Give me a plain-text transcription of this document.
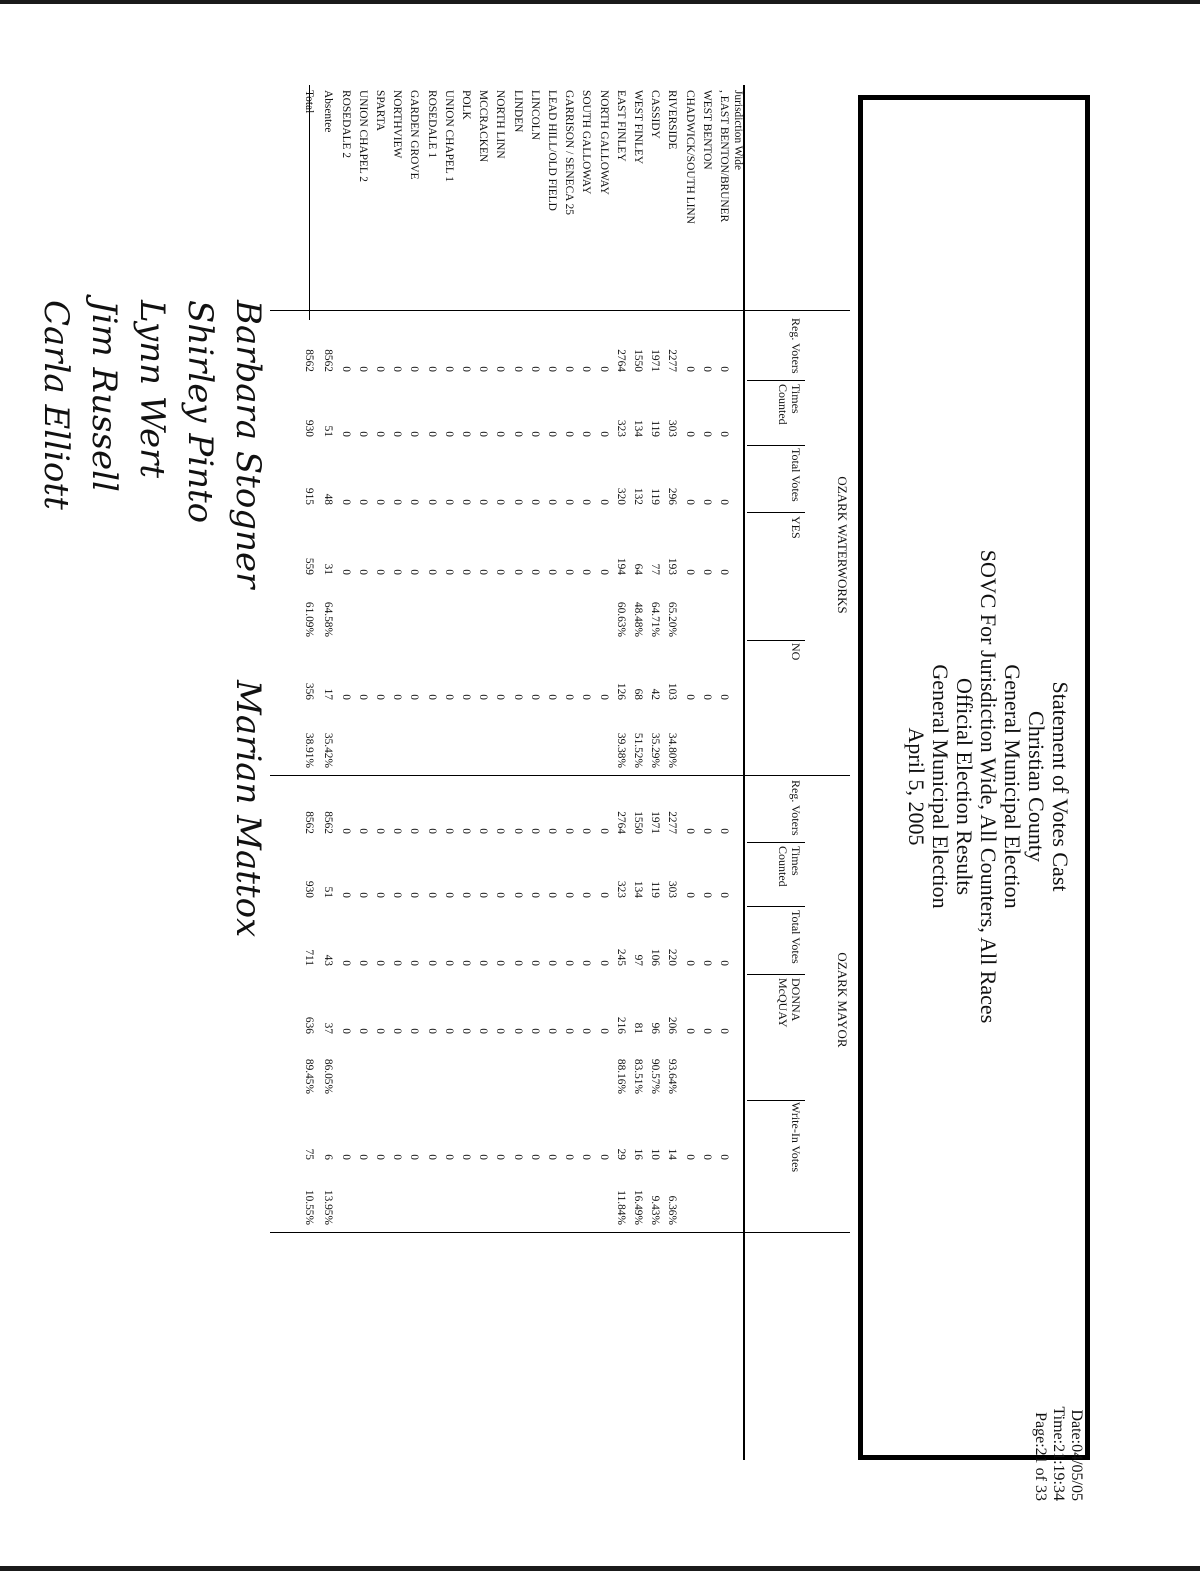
Statement of Votes Cast
Christian County
General Municipal Election
SOVC For Jurisdiction Wide, All Counters, All Races
Official Election Results
General Municipal Election
April 5, 2005
Date:04/05/05
Time:21:19:34
Page:21 of 33
OZARK WATERWORKS
OZARK MAYOR
Reg. Voters
Times Counted
Total Votes
YES
NO
Reg. Voters
Times Counted
Total Votes
DONNA McQUAY
Write-In Votes
Jurisdiction Wide
, EAST BENTON/BRUNER
0
0
0
0
0
0
0
0
0
0
WEST BENTON
0
0
0
0
0
0
0
0
0
0
CHADWICK/SOUTH LINN
0
0
0
0
0
0
0
0
0
0
RIVERSIDE
2277
303
296
193
65.20%
103
34.80%
2277
303
220
206
93.64%
14
6.36%
CASSIDY
1971
119
119
77
64.71%
42
35.29%
1971
119
106
96
90.57%
10
9.43%
WEST FINLEY
1550
134
132
64
48.48%
68
51.52%
1550
134
97
81
83.51%
16
16.49%
EAST FINLEY
2764
323
320
194
60.63%
126
39.38%
2764
323
245
216
88.16%
29
11.84%
NORTH GALLOWAY
0
0
0
0
0
0
0
0
0
0
SOUTH GALLOWAY
0
0
0
0
0
0
0
0
0
0
GARRISON / SENECA 25
0
0
0
0
0
0
0
0
0
0
LEAD HILL/OLD FIELD
0
0
0
0
0
0
0
0
0
0
LINCOLN
0
0
0
0
0
0
0
0
0
0
LINDEN
0
0
0
0
0
0
0
0
0
0
NORTH LINN
0
0
0
0
0
0
0
0
0
0
MCCRACKEN
0
0
0
0
0
0
0
0
0
0
POLK
0
0
0
0
0
0
0
0
0
0
UNION CHAPEL 1
0
0
0
0
0
0
0
0
0
0
ROSEDALE 1
0
0
0
0
0
0
0
0
0
0
GARDEN GROVE
0
0
0
0
0
0
0
0
0
0
NORTHVIEW
0
0
0
0
0
0
0
0
0
0
SPARTA
0
0
0
0
0
0
0
0
0
0
UNION CHAPEL 2
0
0
0
0
0
0
0
0
0
0
ROSEDALE 2
0
0
0
0
0
0
0
0
0
0
Absentee
8562
51
48
31
64.58%
17
35.42%
8562
51
43
37
86.05%
6
13.95%
Total
8562
930
915
559
61.09%
356
38.91%
8562
930
711
636
89.45%
75
10.55%
Barbara Stogner
Marian Mattox
Shirley Pinto
Lynn Wert
Jim Russell
Carla Elliott
